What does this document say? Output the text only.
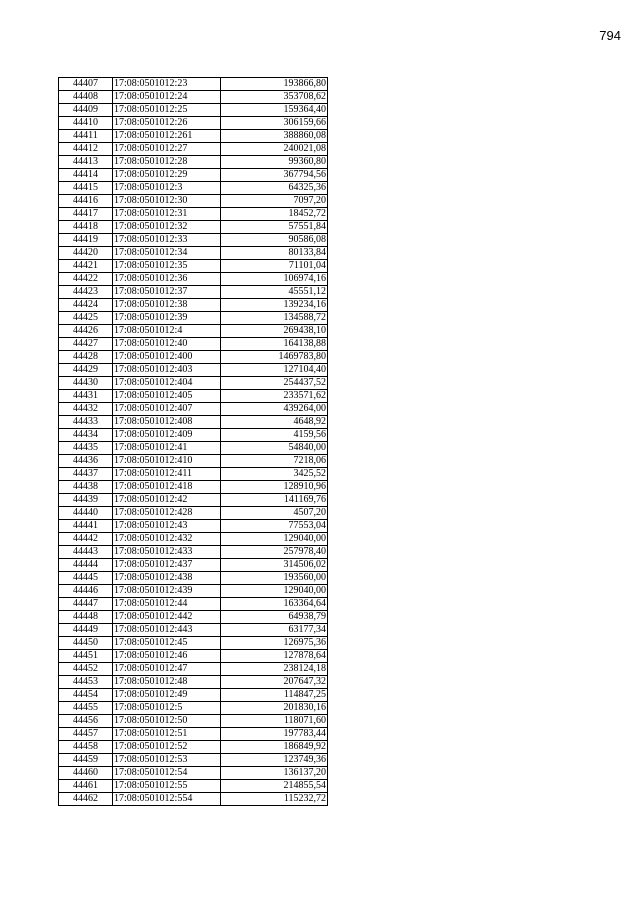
794
44407	17:08:0501012:23	193866,80
44408	17:08:0501012:24	353708,62
44409	17:08:0501012:25	159364,40
44410	17:08:0501012:26	306159,66
44411	17:08:0501012:261	388860,08
44412	17:08:0501012:27	240021,08
44413	17:08:0501012:28	99360,80
44414	17:08:0501012:29	367794,56
44415	17:08:0501012:3	64325,36
44416	17:08:0501012:30	7097,20
44417	17:08:0501012:31	18452,72
44418	17:08:0501012:32	57551,84
44419	17:08:0501012:33	90586,08
44420	17:08:0501012:34	80133,84
44421	17:08:0501012:35	71101,04
44422	17:08:0501012:36	106974,16
44423	17:08:0501012:37	45551,12
44424	17:08:0501012:38	139234,16
44425	17:08:0501012:39	134588,72
44426	17:08:0501012:4	269438,10
44427	17:08:0501012:40	164138,88
44428	17:08:0501012:400	1469783,80
44429	17:08:0501012:403	127104,40
44430	17:08:0501012:404	254437,52
44431	17:08:0501012:405	233571,62
44432	17:08:0501012:407	439264,00
44433	17:08:0501012:408	4648,92
44434	17:08:0501012:409	4159,56
44435	17:08:0501012:41	54840,00
44436	17:08:0501012:410	7218,06
44437	17:08:0501012:411	3425,52
44438	17:08:0501012:418	128910,96
44439	17:08:0501012:42	141169,76
44440	17:08:0501012:428	4507,20
44441	17:08:0501012:43	77553,04
44442	17:08:0501012:432	129040,00
44443	17:08:0501012:433	257978,40
44444	17:08:0501012:437	314506,02
44445	17:08:0501012:438	193560,00
44446	17:08:0501012:439	129040,00
44447	17:08:0501012:44	163364,64
44448	17:08:0501012:442	64938,79
44449	17:08:0501012:443	63177,34
44450	17:08:0501012:45	126975,36
44451	17:08:0501012:46	127878,64
44452	17:08:0501012:47	238124,18
44453	17:08:0501012:48	207647,32
44454	17:08:0501012:49	114847,25
44455	17:08:0501012:5	201830,16
44456	17:08:0501012:50	118071,60
44457	17:08:0501012:51	197783,44
44458	17:08:0501012:52	186849,92
44459	17:08:0501012:53	123749,36
44460	17:08:0501012:54	136137,20
44461	17:08:0501012:55	214855,54
44462	17:08:0501012:554	115232,72
